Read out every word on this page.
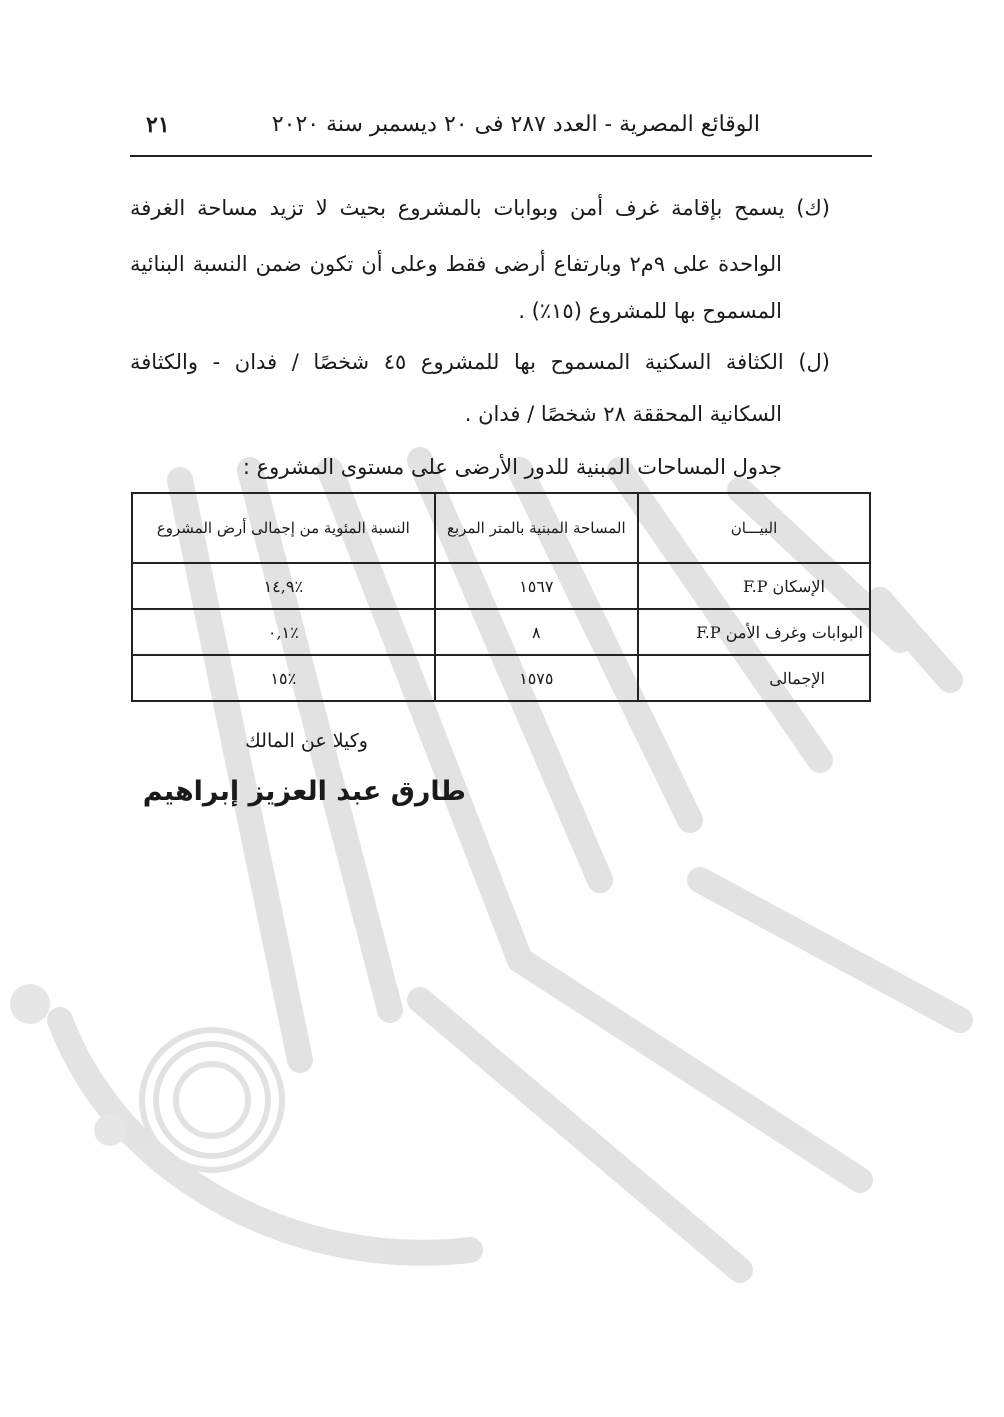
الوقائع المصرية - العدد ٢٨٧ فى ٢٠ ديسمبر سنة ٢٠٢٠
٢١
(ك) يسمح بإقامة غرف أمن وبوابات بالمشروع بحيث لا تزيد مساحة الغرفة
الواحدة على ٩م٢ وبارتفاع أرضى فقط وعلى أن تكون ضمن النسبة البنائية
المسموح بها للمشروع (١٥٪) .
(ل) الكثافة السكنية المسموح بها للمشروع ٤٥ شخصًا / فدان - والكثافة
السكانية المحققة ٢٨ شخصًا / فدان .
جدول المساحات المبنية للدور الأرضى على مستوى المشروع :
البيـــان	المساحة المبنية بالمتر المربع	النسبة المئوية من إجمالى أرض المشروع
الإسكان F.P	١٥٦٧	٪١٤,٩
البوابات وغرف الأمن F.P	٨	٪٠,١
الإجمالى	١٥٧٥	٪١٥
وكيلا عن المالك
طارق عبد العزيز إبراهيم
